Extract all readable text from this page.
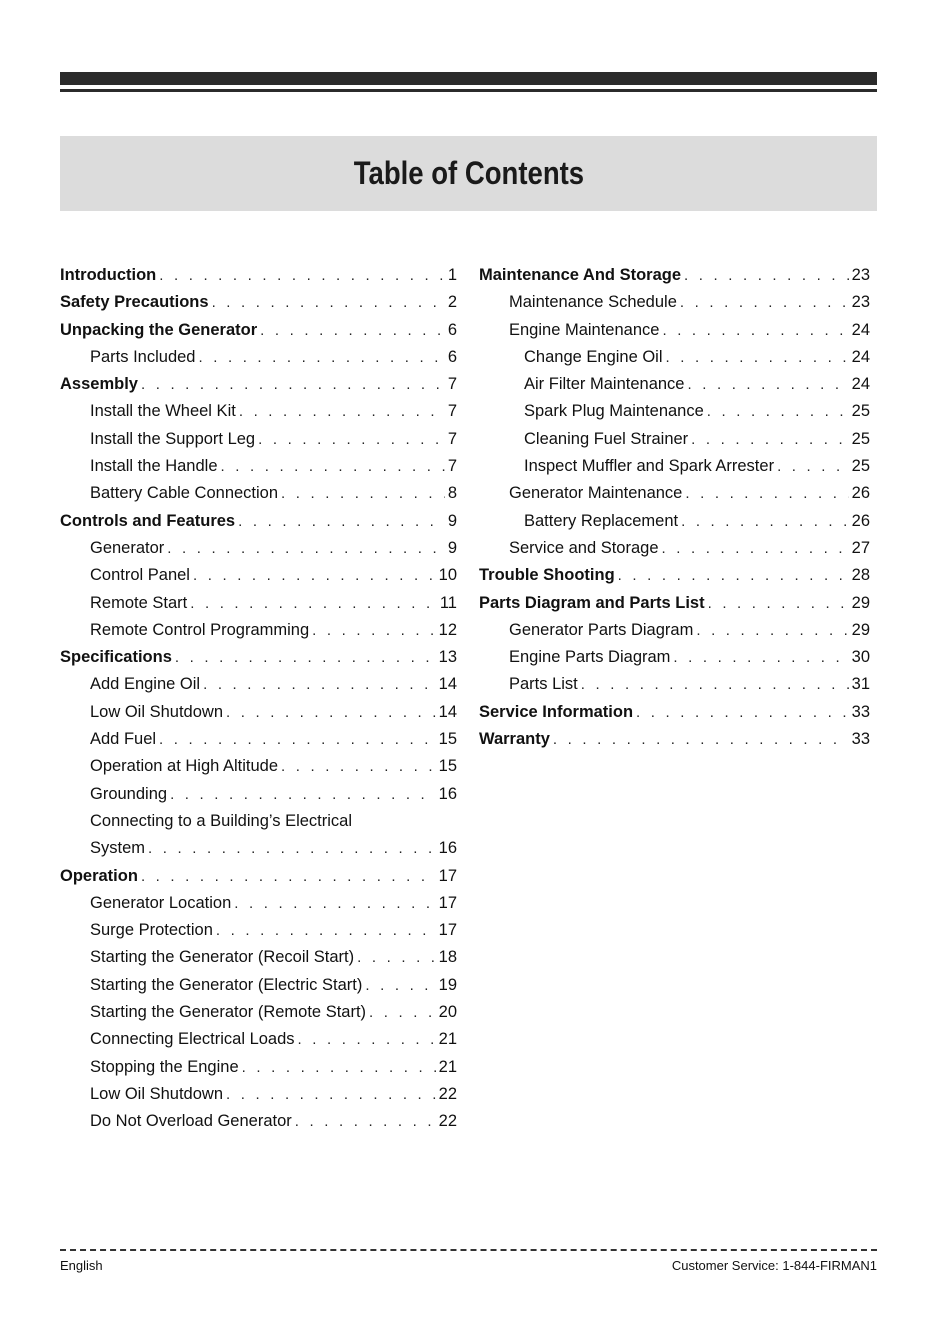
Table of Contents
Introduction . . .	1
Safety Precautions . . .	2
Unpacking the Generator . . .	6
Parts Included . . .	6
Assembly . . .	7
Install the Wheel Kit . . .	7
Install the Support Leg . . .	7
Install the Handle . . .	7
Battery Cable Connection . . .	8
Controls and Features . . .	9
Generator . . .	9
Control Panel . . .	10
Remote Start . . .	11
Remote Control Programming . . .	12
Specifications . . .	13
Add Engine Oil . . .	14
Low Oil Shutdown . . .	14
Add Fuel . . .	15
Operation at High Altitude . . .	15
Grounding . . .	16
Connecting to a Building’s Electrical
System . . .	16
Operation . . .	17
Generator Location . . .	17
Surge Protection . . .	17
Starting the Generator (Recoil Start) . . .	18
Starting the Generator (Electric Start) . . .	19
Starting the Generator (Remote Start) . . .	20
Connecting Electrical Loads . . .	21
Stopping the Engine . . .	21
Low Oil Shutdown . . .	22
Do Not Overload Generator . . .	22
Maintenance And Storage . . .	23
Maintenance Schedule . . .	23
Engine Maintenance . . .	24
Change Engine Oil . . .	24
Air Filter Maintenance . . .	24
Spark Plug Maintenance . . .	25
Cleaning Fuel Strainer . . .	25
Inspect Muffler and Spark Arrester . . .	25
Generator Maintenance . . .	26
Battery Replacement . . .	26
Service and Storage . . .	27
Trouble Shooting . . .	28
Parts Diagram and Parts List . . .	29
Generator Parts Diagram . . .	29
Engine Parts Diagram . . .	30
Parts List . . .	31
Service Information . . .	33
Warranty . . .	33
English	Customer Service: 1-844-FIRMAN1
